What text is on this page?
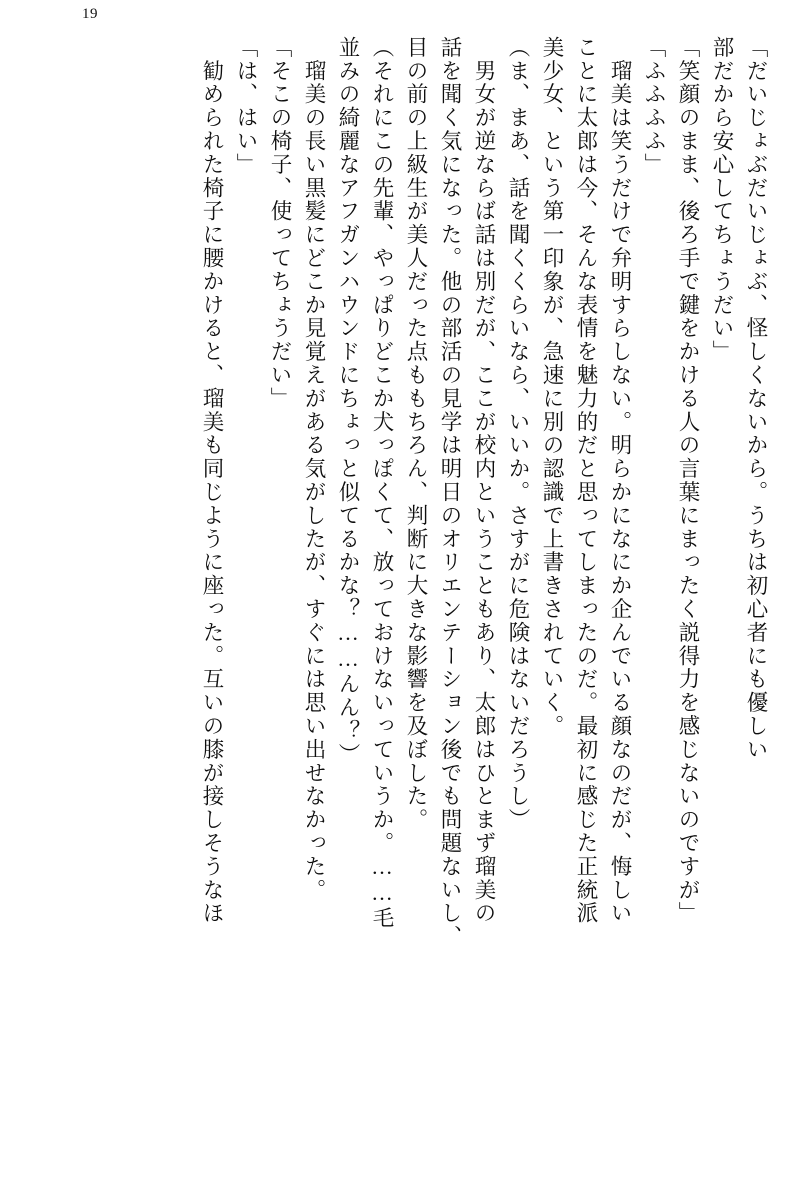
19
「だいじょぶだいじょぶ、怪しくないから。うちは初心者にも優しい
部だから安心してちょうだい」
「笑顔のまま、後ろ手で鍵をかける人の言葉にまったく説得力を感じないのですが」
「ふふふふ」
　瑠美は笑うだけで弁明すらしない。明らかになにか企んでいる顔なのだが、悔しい
ことに太郎は今、そんな表情を魅力的だと思ってしまったのだ。最初に感じた正統派
美少女、という第一印象が、急速に別の認識で上書きされていく。
（ま、まあ、話を聞くくらいなら、いいか。さすがに危険はないだろうし）
　男女が逆ならば話は別だが、ここが校内ということもあり、太郎はひとまず瑠美の
話を聞く気になった。他の部活の見学は明日のオリエンテーション後でも問題ないし、
目の前の上級生が美人だった点ももちろん、判断に大きな影響を及ぼした。
（それにこの先輩、やっぱりどこか犬っぽくて、放っておけないっていうか。……毛
並みの綺麗なアフガンハウンドにちょっと似てるかな？……んん？）
　瑠美の長い黒髪にどこか見覚えがある気がしたが、すぐには思い出せなかった。
「そこの椅子、使ってちょうだい」
「は、はい」
　勧められた椅子に腰かけると、瑠美も同じように座った。互いの膝が接しそうなほ
